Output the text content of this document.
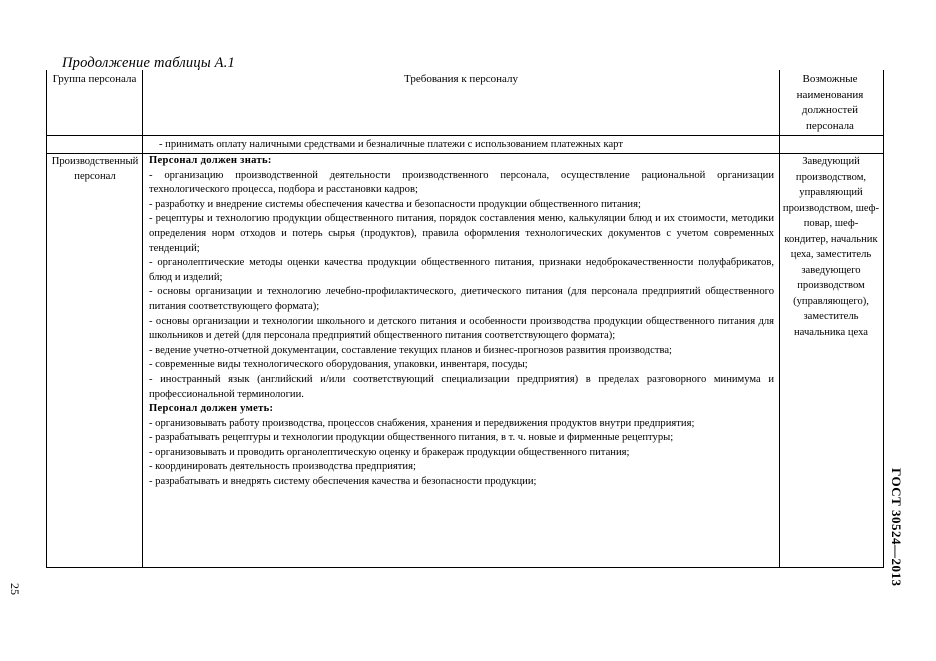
Продолжение таблицы А.1
Группа персонала	Требования к персоналу	Возможные наименования должностей персонала
- принимать оплату наличными средствами и безналичные платежи с использованием платежных карт
Производственный персонал

Персонал должен знать:

- организацию производственной деятельности производственного персонала, осуществление рациональной организации технологического процесса, подбора и расстановки кадров;

- разработку и внедрение системы обеспечения качества и безопасности продукции общественного питания;

- рецептуры и технологию продукции общественного питания, порядок составления меню, калькуляции блюд и их стоимости, методики определения норм отходов и потерь сырья (продуктов), правила оформления технологических документов с учетом современных тенденций;

- органолептические методы оценки качества продукции общественного питания, признаки недоброкачественности полуфабрикатов, блюд и изделий;

- основы организации и технологию лечебно-профилактического, диетического питания (для персонала предприятий общественного питания соответствующего формата);

- основы организации и технологии школьного и детского питания и особенности производства продукции общественного питания для школьников и детей (для персонала предприятий общественного питания соответствующего формата);

- ведение учетно-отчетной документации, составление текущих планов и бизнес-прогнозов развития производства;

- современные виды технологического оборудования, упаковки, инвентаря, посуды;

- иностранный язык (английский и/или соответствующий специализации предприятия) в пределах разговорного минимума и профессиональной терминологии.

Персонал должен уметь:

- организовывать работу производства, процессов снабжения, хранения и передвижения продуктов внутри предприятия;

- разрабатывать рецептуры и технологии продукции общественного питания, в т. ч. новые и фирменные рецептуры;

- организовывать и проводить органолептическую оценку и бракераж продукции общественного питания;

- координировать деятельность производства предприятия;

- разрабатывать и внедрять систему обеспечения качества и безопасности продукции;

Заведующий производством, управляющий производством, шеф-повар, шеф-кондитер, начальник цеха, заместитель заведующего производством (управляющего), заместитель начальника цеха
ГОСТ 30524—2013
25
